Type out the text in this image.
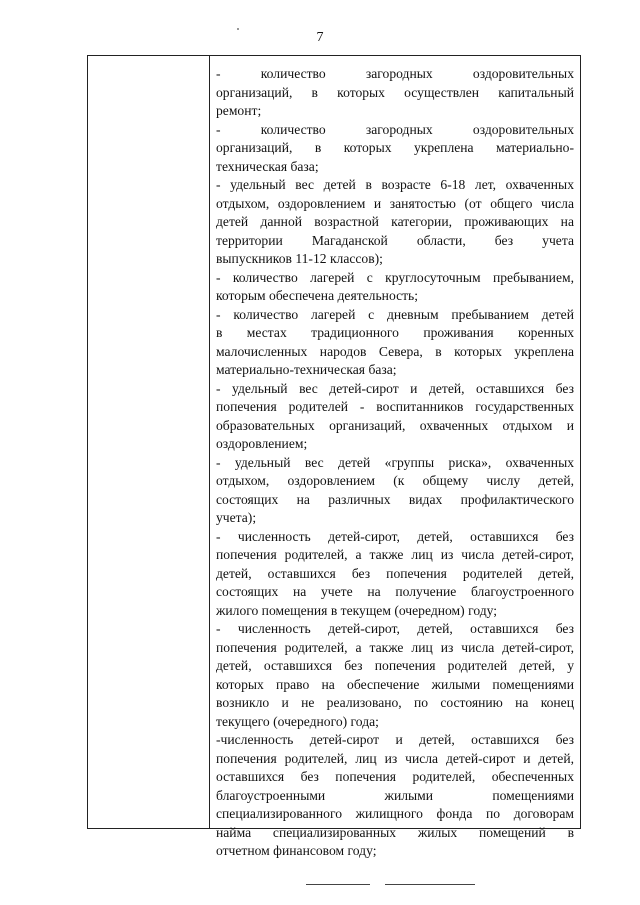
7
- количество загородных оздоровительных
организаций, в которых осуществлен капитальный
ремонт;
- количество загородных оздоровительных
организаций, в которых укреплена материально-
техническая база;
- удельный вес детей в возрасте 6-18 лет, охваченных
отдыхом, оздоровлением и занятостью (от общего числа
детей данной возрастной категории, проживающих на
территории Магаданской области, без учета
выпускников 11-12 классов);
- количество лагерей с круглосуточным пребыванием,
которым обеспечена деятельность;
- количество лагерей с дневным пребыванием детей
в местах традиционного проживания коренных
малочисленных народов Севера, в которых укреплена
материально-техническая база;
- удельный вес детей-сирот и детей, оставшихся без
попечения родителей - воспитанников государственных
образовательных организаций, охваченных отдыхом и
оздоровлением;
- удельный вес детей «группы риска», охваченных
отдыхом, оздоровлением (к общему числу детей,
состоящих на различных видах профилактического
учета);
- численность детей-сирот, детей, оставшихся без
попечения родителей, а также лиц из числа детей-сирот,
детей, оставшихся без попечения родителей детей,
состоящих на учете на получение благоустроенного
жилого помещения в текущем (очередном) году;
- численность детей-сирот, детей, оставшихся без
попечения родителей, а также лиц из числа детей-сирот,
детей, оставшихся без попечения родителей детей, у
которых право на обеспечение жилыми помещениями
возникло и не реализовано, по состоянию на конец
текущего (очередного) года;
-численность детей-сирот и детей, оставшихся без
попечения родителей, лиц из числа детей-сирот и детей,
оставшихся без попечения родителей, обеспеченных
благоустроенными жилыми помещениями
специализированного жилищного фонда по договорам
найма специализированных жилых помещений в
отчетном финансовом году;
